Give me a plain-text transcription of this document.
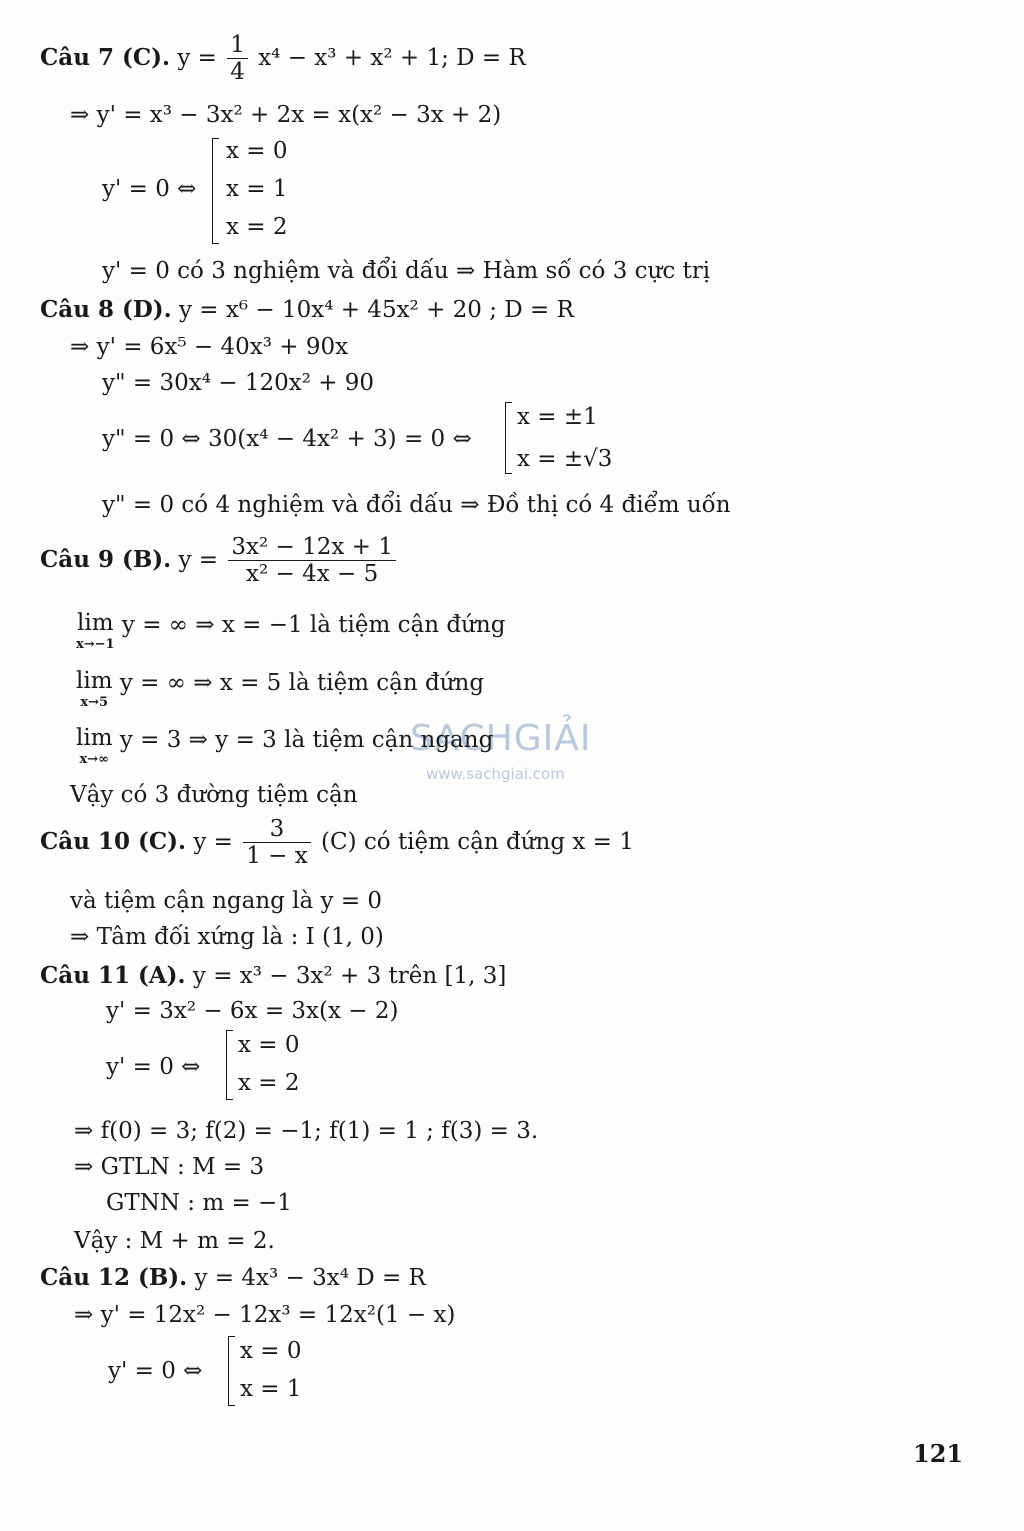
SACHGIẢI
www.sachgiai.com
Câu 7 (C). $y = \frac{1}{4} x^4 - x^3 + x^2 + 1$; D = R
⇒ y' = x³ − 3x² + 2x = x(x² − 3x + 2)
y' = 0 ⇔
x = 0
x = 1
x = 2
y' = 0 có 3 nghiệm và đổi dấu ⇒ Hàm số có 3 cực trị
Câu 8 (D). y = x⁶ − 10x⁴ + 45x² + 20 ; D = R
⇒ y' = 6x⁵ − 40x³ + 90x
y" = 30x⁴ − 120x² + 90
y" = 0 ⇔ 30(x⁴ − 4x² + 3) = 0 ⇔
x = ±1
x = ±√3
y" = 0 có 4 nghiệm và đổi dấu ⇒ Đồ thị có 4 điểm uốn
Câu 9 (B). $y = \frac{\text{3x² − 12x + 1}}{\text{x² − 4x − 5}}$
lim
x→−1
y = ∞ ⇒ x = −1 là tiệm cận đứng
lim
x→5
y = ∞ ⇒ x = 5 là tiệm cận đứng
lim
x→∞
y = 3 ⇒ y = 3 là tiệm cận ngang
Vậy có 3 đường tiệm cận
Câu 10 (C). $y = \frac{3}{1 - x} (C)$ có tiệm cận đứng x = 1
và tiệm cận ngang là y = 0
⇒ Tâm đối xứng là : I (1, 0)
Câu 11 (A). y = x³ − 3x² + 3 trên [1, 3]
y' = 3x² − 6x = 3x(x − 2)
y' = 0 ⇔
x = 0
x = 2
⇒ f(0) = 3; f(2) = −1; f(1) = 1 ; f(3) = 3.
⇒ GTLN : M = 3
GTNN : m = −1
Vậy : M + m = 2.
Câu 12 (B). y = 4x³ − 3x⁴ D = R
⇒ y' = 12x² − 12x³ = 12x²(1 − x)
y' = 0 ⇔
x = 0
x = 1
121
